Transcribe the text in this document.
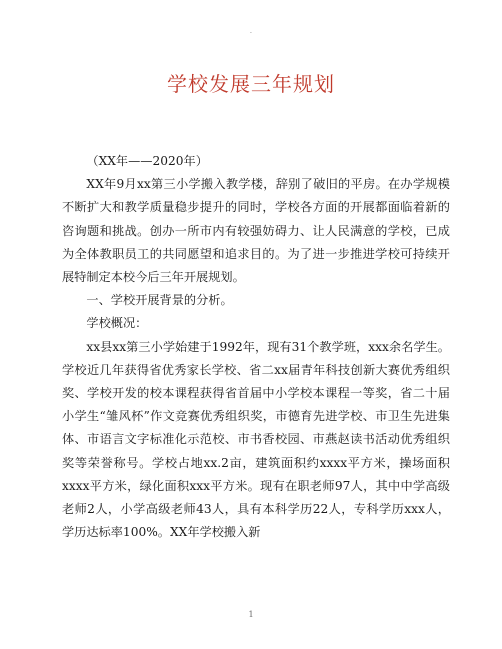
.
学校发展三年规划

（XX年——2020年）

XX年9月xx第三小学搬入教学楼，辞别了破旧的平房。在办学规模不断扩大和教学质量稳步提升的同时，学校各方面的开展都面临着新的咨询题和挑战。创办一所市内有较强妨碍力、让人民满意的学校，已成为全体教职员工的共同愿望和追求目的。为了进一步推进学校可持续开展特制定本校今后三年开展规划。

一、学校开展背景的分析。

学校概况：

xx县xx第三小学始建于1992年，现有31个教学班，xxx余名学生。学校近几年获得省优秀家长学校、省二xx届青年科技创新大赛优秀组织奖、学校开发的校本课程获得省首届中小学校本课程一等奖，省二十届小学生“雏风杯”作文竞赛优秀组织奖，市德育先进学校、市卫生先进集体、市语言文字标准化示范校、市书香校园、市燕赵读书活动优秀组织奖等荣誉称号。学校占地xx.2亩，建筑面积约xxxx平方米，操场面积xxxx平方米，绿化面积xxx平方米。现有在职老师97人，其中中学高级老师2人，小学高级老师43人，具有本科学历22人，专科学历xxx人，学历达标率100%。XX年学校搬入新

1
